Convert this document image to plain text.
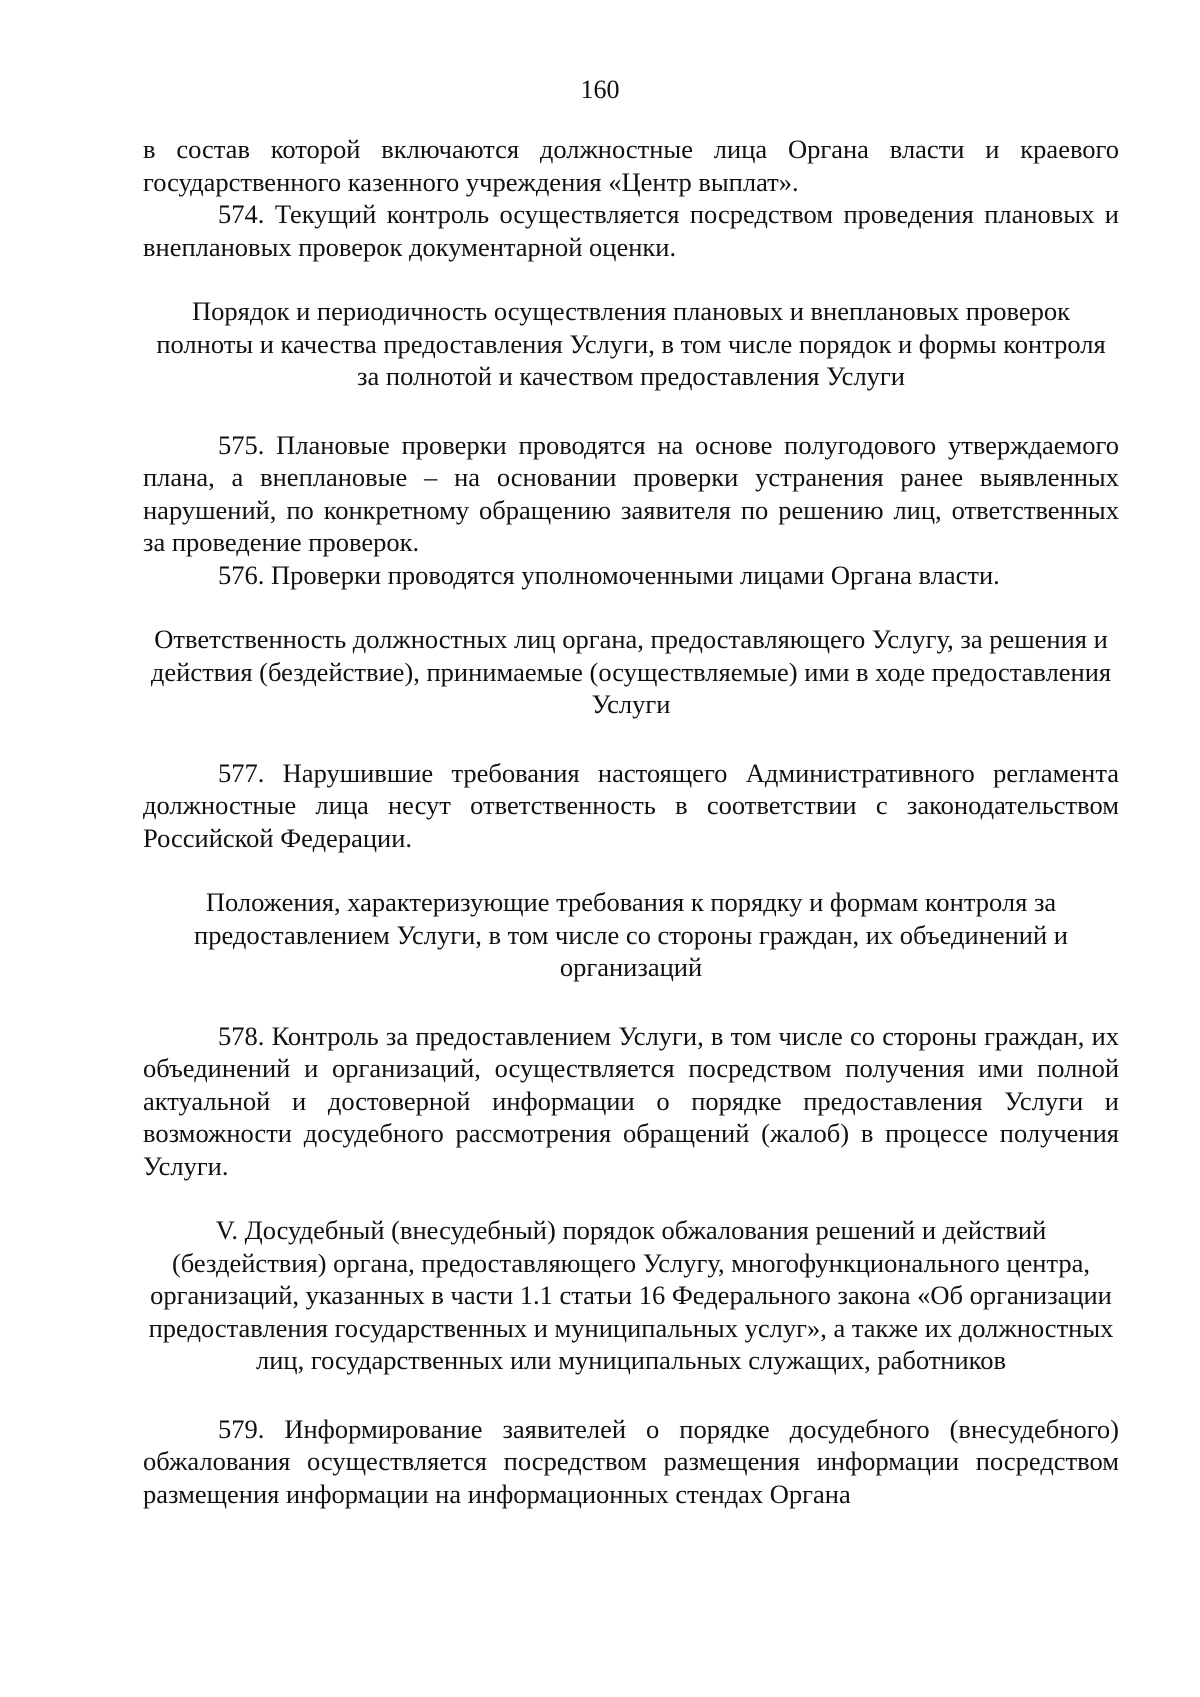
160

в состав которой включаются должностные лица Органа власти и краевого государственного казенного учреждения «Центр выплат».

574. Текущий контроль осуществляется посредством проведения плановых и внеплановых проверок документарной оценки.

Порядок и периодичность осуществления плановых и внеплановых проверок полноты и качества предоставления Услуги, в том числе порядок и формы контроля за полнотой и качеством предоставления Услуги

575. Плановые проверки проводятся на основе полугодового утверждаемого плана, а внеплановые – на основании проверки устранения ранее выявленных нарушений, по конкретному обращению заявителя по решению лиц, ответственных за проведение проверок.

576. Проверки проводятся уполномоченными лицами Органа власти.

Ответственность должностных лиц органа, предоставляющего Услугу, за решения и действия (бездействие), принимаемые (осуществляемые) ими в ходе предоставления Услуги

577. Нарушившие требования настоящего Административного регламента должностные лица несут ответственность в соответствии с законодательством Российской Федерации.

Положения, характеризующие требования к порядку и формам контроля за предоставлением Услуги, в том числе со стороны граждан, их объединений и организаций

578. Контроль за предоставлением Услуги, в том числе со стороны граждан, их объединений и организаций, осуществляется посредством получения ими полной актуальной и достоверной информации о порядке предоставления Услуги и возможности досудебного рассмотрения обращений (жалоб) в процессе получения Услуги.

V. Досудебный (внесудебный) порядок обжалования решений и действий (бездействия) органа, предоставляющего Услугу, многофункционального центра, организаций, указанных в части 1.1 статьи 16 Федерального закона «Об организации предоставления государственных и муниципальных услуг», а также их должностных лиц, государственных или муниципальных служащих, работников

579. Информирование заявителей о порядке досудебного (внесудебного) обжалования осуществляется посредством размещения информации посредством размещения информации на информационных стендах Органа
